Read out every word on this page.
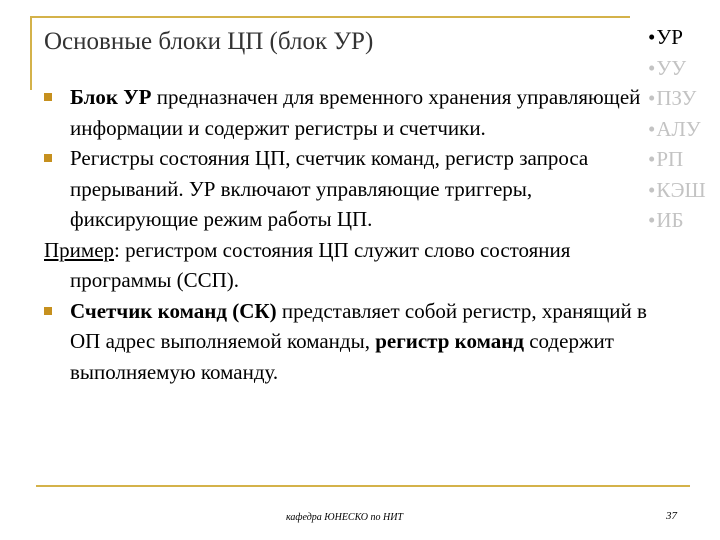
Основные блоки ЦП (блок УР)	•УР
•УУ
•ПЗУ
•АЛУ
•РП
•КЭШ
•ИБ
Блок УР предназначен для временного хранения управляющей информации и содержит регистры и счетчики.
Регистры состояния ЦП, счетчик команд, регистр запроса прерываний. УР включают управляющие триггеры, фиксирующие режим работы ЦП.
Пример: регистром состояния ЦП служит слово состояния
программы (ССП).
Счетчик команд (СК) представляет собой регистр, хранящий в ОП адрес выполняемой команды, регистр команд содержит выполняемую команду.
кафедра ЮНЕСКО по НИТ	37
